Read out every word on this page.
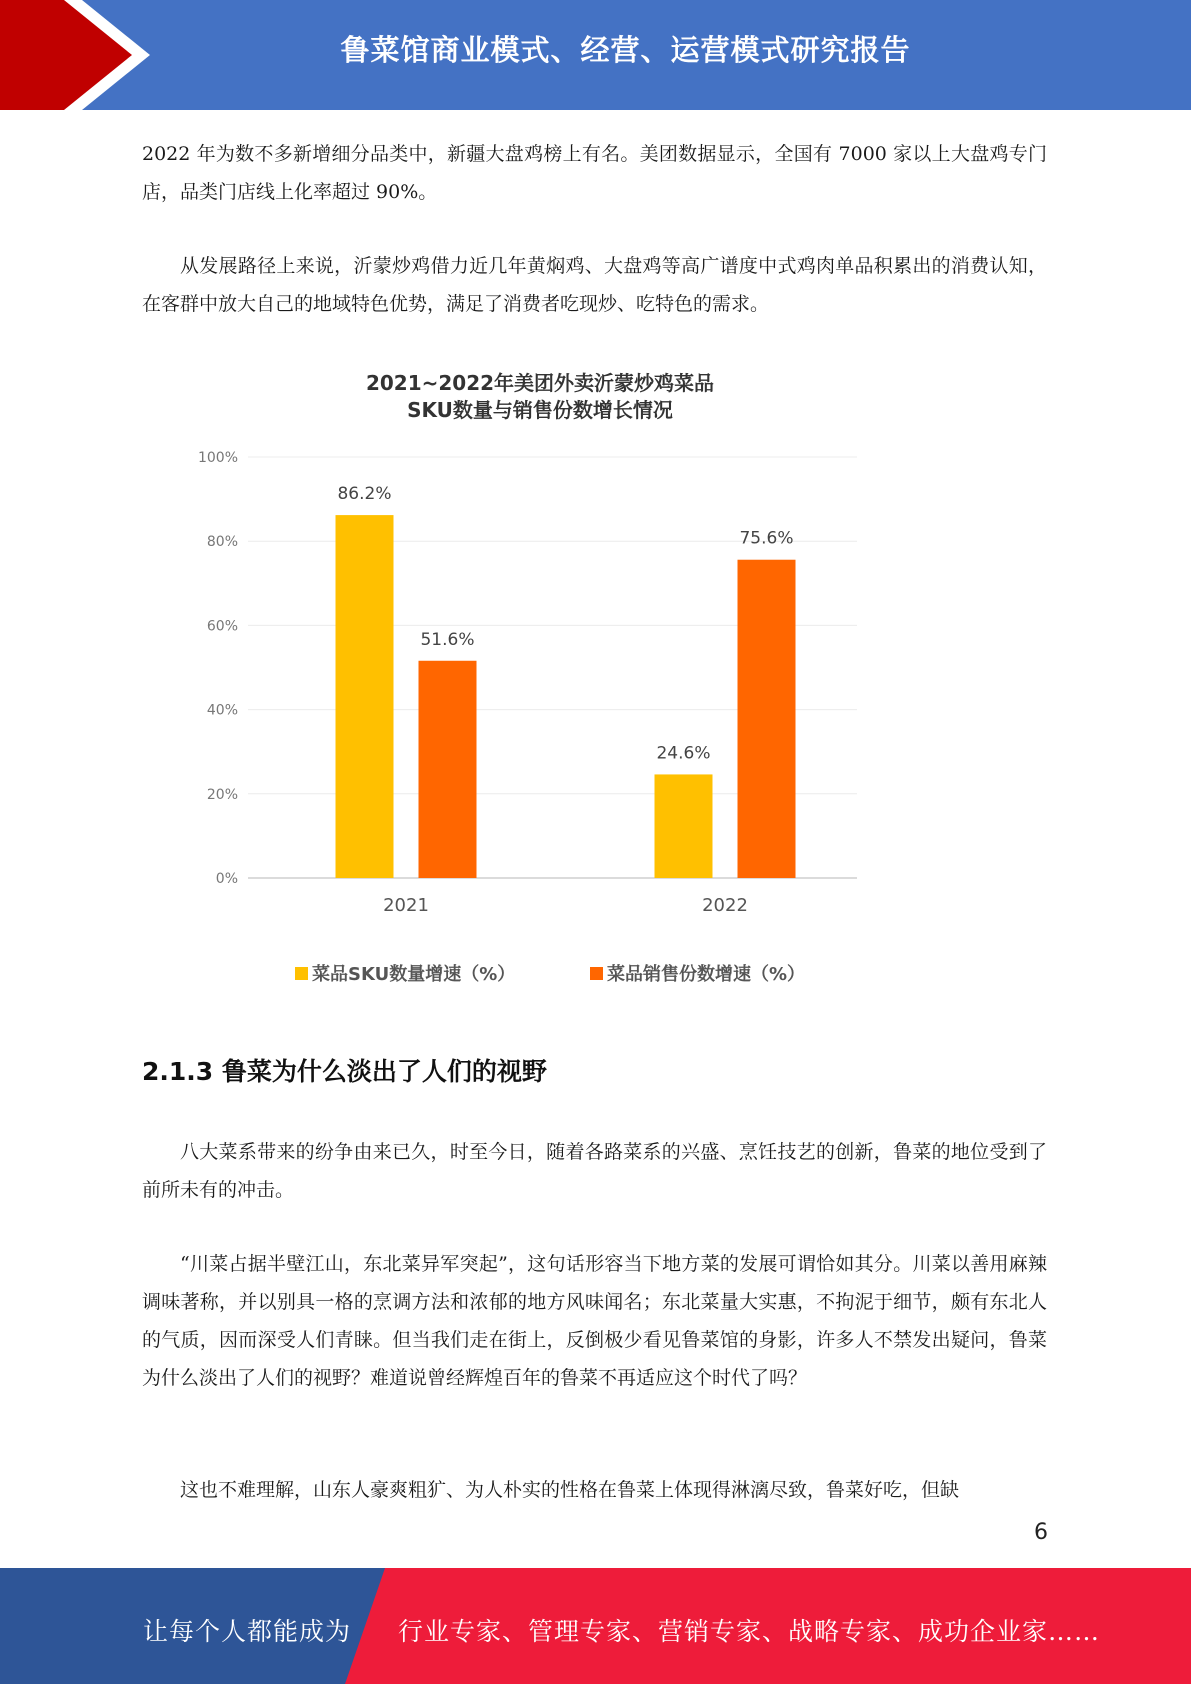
鲁菜馆商业模式、经营、运营模式研究报告

2022 年为数不多新增细分品类中，新疆大盘鸡榜上有名。美团数据显示，全国有 7000 家以上大盘鸡专门店，品类门店线上化率超过 90%。

从发展路径上来说，沂蒙炒鸡借力近几年黄焖鸡、大盘鸡等高广谱度中式鸡肉单品积累出的消费认知，在客群中放大自己的地域特色优势，满足了消费者吃现炒、吃特色的需求。

2021~2022年美团外卖沂蒙炒鸡菜品
SKU数量与销售份数增长情况
0%
20%
40%
60%
80%
100%
86.2%
51.6%
2021
24.6%
75.6%
2022
菜品SKU数量增速（%）	菜品销售份数增速（%）
2.1.3 鲁菜为什么淡出了人们的视野

八大菜系带来的纷争由来已久，时至今日，随着各路菜系的兴盛、烹饪技艺的创新，鲁菜的地位受到了前所未有的冲击。

“川菜占据半壁江山，东北菜异军突起”，这句话形容当下地方菜的发展可谓恰如其分。川菜以善用麻辣调味著称，并以别具一格的烹调方法和浓郁的地方风味闻名；东北菜量大实惠，不拘泥于细节，颇有东北人的气质，因而深受人们青睐。但当我们走在街上，反倒极少看见鲁菜馆的身影，许多人不禁发出疑问，鲁菜为什么淡出了人们的视野？难道说曾经辉煌百年的鲁菜不再适应这个时代了吗？

这也不难理解，山东人豪爽粗犷、为人朴实的性格在鲁菜上体现得淋漓尽致，鲁菜好吃，但缺

6
让每个人都能成为 行业专家、管理专家、营销专家、战略专家、成功企业家……
